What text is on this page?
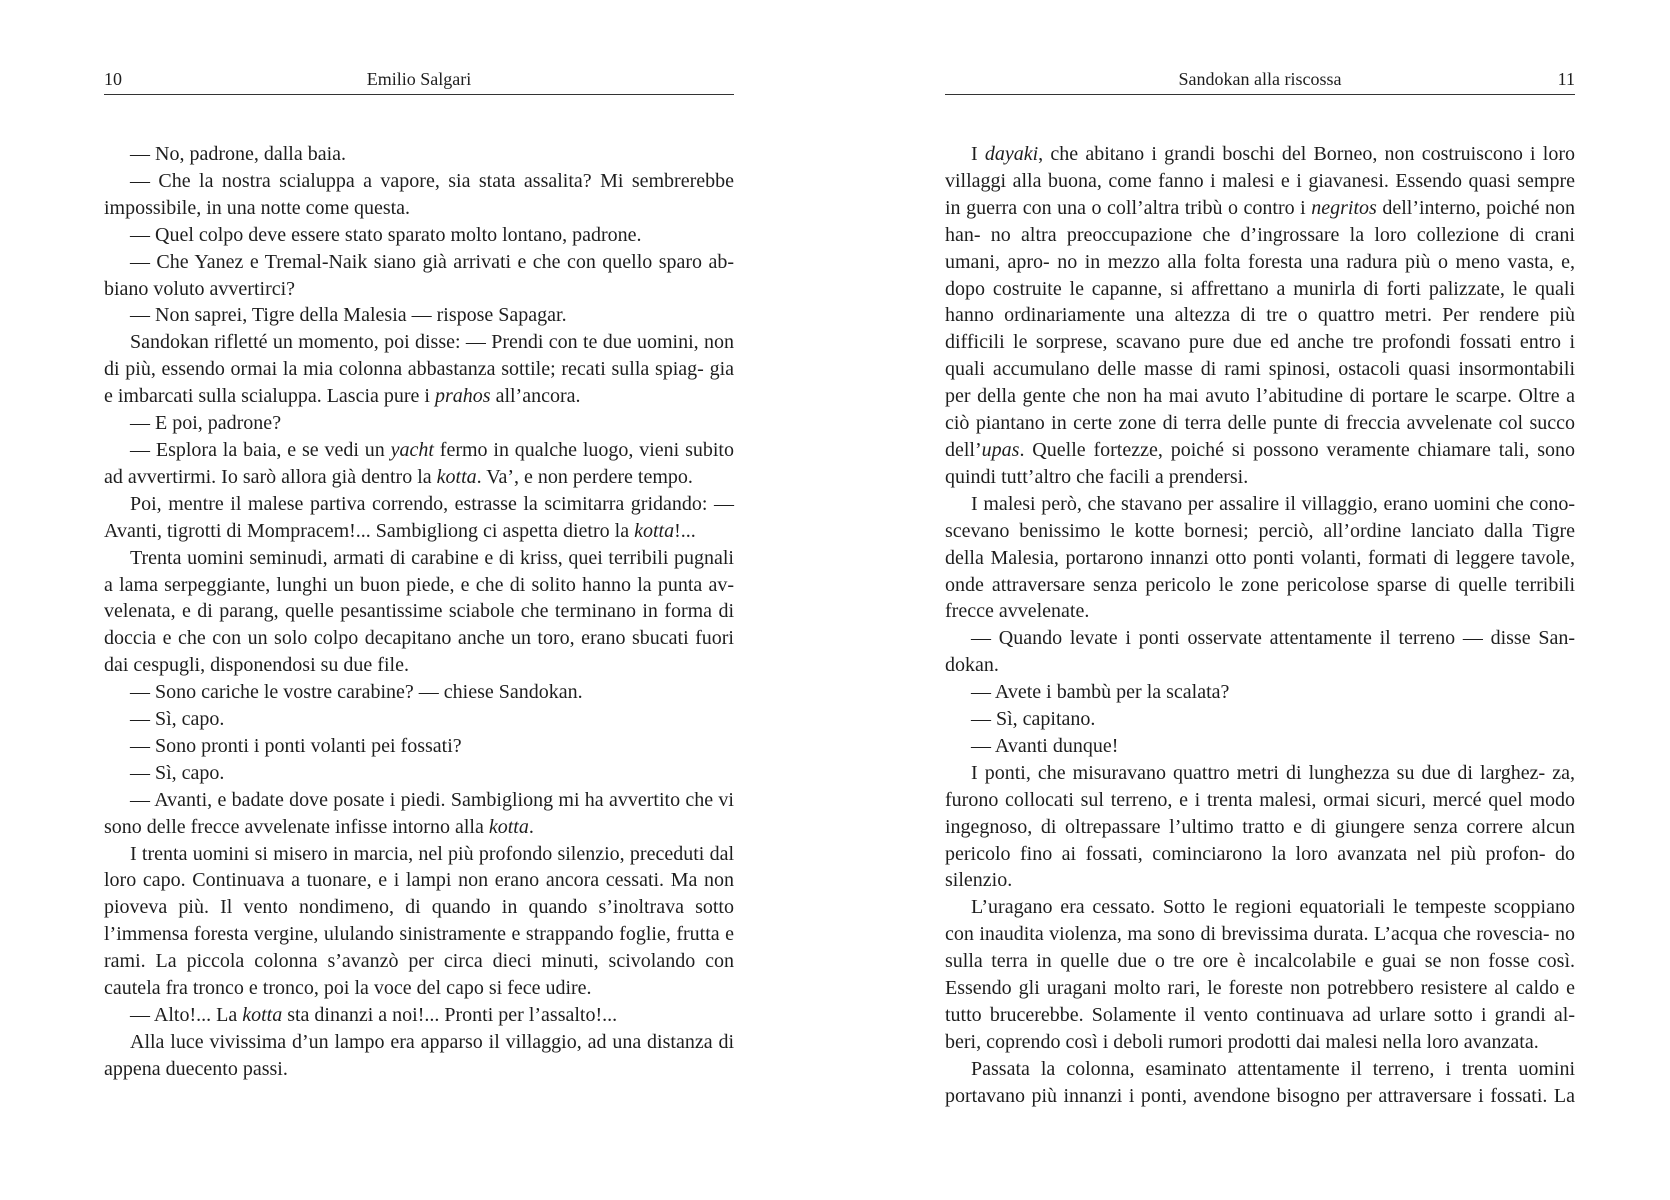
10	Emilio Salgari

— No, padrone, dalla baia.

— Che la nostra scialuppa a vapore, sia stata assalita? Mi sembrerebbe impossibile, in una notte come questa.

— Quel colpo deve essere stato sparato molto lontano, padrone.

— Che Yanez e Tremal-Naik siano già arrivati e che con quello sparo ab- biano voluto avvertirci?

— Non saprei, Tigre della Malesia — rispose Sapagar.

Sandokan rifletté un momento, poi disse: — Prendi con te due uomini, non di più, essendo ormai la mia colonna abbastanza sottile; recati sulla spiag- gia e imbarcati sulla scialuppa. Lascia pure i prahos all’ancora.

— E poi, padrone?

— Esplora la baia, e se vedi un yacht fermo in qualche luogo, vieni subito ad avvertirmi. Io sarò allora già dentro la kotta. Va’, e non perdere tempo.

Poi, mentre il malese partiva correndo, estrasse la scimitarra gridando: — Avanti, tigrotti di Mompracem!... Sambigliong ci aspetta dietro la kotta!...

Trenta uomini seminudi, armati di carabine e di kriss, quei terribili pugnali a lama serpeggiante, lunghi un buon piede, e che di solito hanno la punta av- velenata, e di parang, quelle pesantissime sciabole che terminano in forma di doccia e che con un solo colpo decapitano anche un toro, erano sbucati fuori dai cespugli, disponendosi su due file.

— Sono cariche le vostre carabine? — chiese Sandokan.

— Sì, capo.

— Sono pronti i ponti volanti pei fossati?

— Sì, capo.

— Avanti, e badate dove posate i piedi. Sambigliong mi ha avvertito che vi sono delle frecce avvelenate infisse intorno alla kotta.

I trenta uomini si misero in marcia, nel più profondo silenzio, preceduti dal loro capo. Continuava a tuonare, e i lampi non erano ancora cessati. Ma non pioveva più. Il vento nondimeno, di quando in quando s’inoltrava sotto l’immensa foresta vergine, ululando sinistramente e strappando foglie, frutta e rami. La piccola colonna s’avanzò per circa dieci minuti, scivolando con cautela fra tronco e tronco, poi la voce del capo si fece udire.

— Alto!... La kotta sta dinanzi a noi!... Pronti per l’assalto!...

Alla luce vivissima d’un lampo era apparso il villaggio, ad una distanza di appena duecento passi.

Sandokan alla riscossa	11

I dayaki, che abitano i grandi boschi del Borneo, non costruiscono i loro villaggi alla buona, come fanno i malesi e i giavanesi. Essendo quasi sempre in guerra con una o coll’altra tribù o contro i negritos dell’interno, poiché non han- no altra preoccupazione che d’ingrossare la loro collezione di crani umani, apro- no in mezzo alla folta foresta una radura più o meno vasta, e, dopo costruite le capanne, si affrettano a munirla di forti palizzate, le quali hanno ordinariamente una altezza di tre o quattro metri. Per rendere più difficili le sorprese, scavano pure due ed anche tre profondi fossati entro i quali accumulano delle masse di rami spinosi, ostacoli quasi insormontabili per della gente che non ha mai avuto l’abitudine di portare le scarpe. Oltre a ciò piantano in certe zone di terra delle punte di freccia avvelenate col succo dell’upas. Quelle fortezze, poiché si possono veramente chiamare tali, sono quindi tutt’altro che facili a prendersi.

I malesi però, che stavano per assalire il villaggio, erano uomini che cono- scevano benissimo le kotte bornesi; perciò, all’ordine lanciato dalla Tigre della Malesia, portarono innanzi otto ponti volanti, formati di leggere tavole, onde attraversare senza pericolo le zone pericolose sparse di quelle terribili frecce avvelenate.

— Quando levate i ponti osservate attentamente il terreno — disse San- dokan.

— Avete i bambù per la scalata?

— Sì, capitano.

— Avanti dunque!

I ponti, che misuravano quattro metri di lunghezza su due di larghez- za, furono collocati sul terreno, e i trenta malesi, ormai sicuri, mercé quel modo ingegnoso, di oltrepassare l’ultimo tratto e di giungere senza correre alcun pericolo fino ai fossati, cominciarono la loro avanzata nel più profon- do silenzio.

L’uragano era cessato. Sotto le regioni equatoriali le tempeste scoppiano con inaudita violenza, ma sono di brevissima durata. L’acqua che rovescia- no sulla terra in quelle due o tre ore è incalcolabile e guai se non fosse così. Essendo gli uragani molto rari, le foreste non potrebbero resistere al caldo e tutto brucerebbe. Solamente il vento continuava ad urlare sotto i grandi al- beri, coprendo così i deboli rumori prodotti dai malesi nella loro avanzata.

Passata la colonna, esaminato attentamente il terreno, i trenta uomini portavano più innanzi i ponti, avendone bisogno per attraversare i fossati. La
